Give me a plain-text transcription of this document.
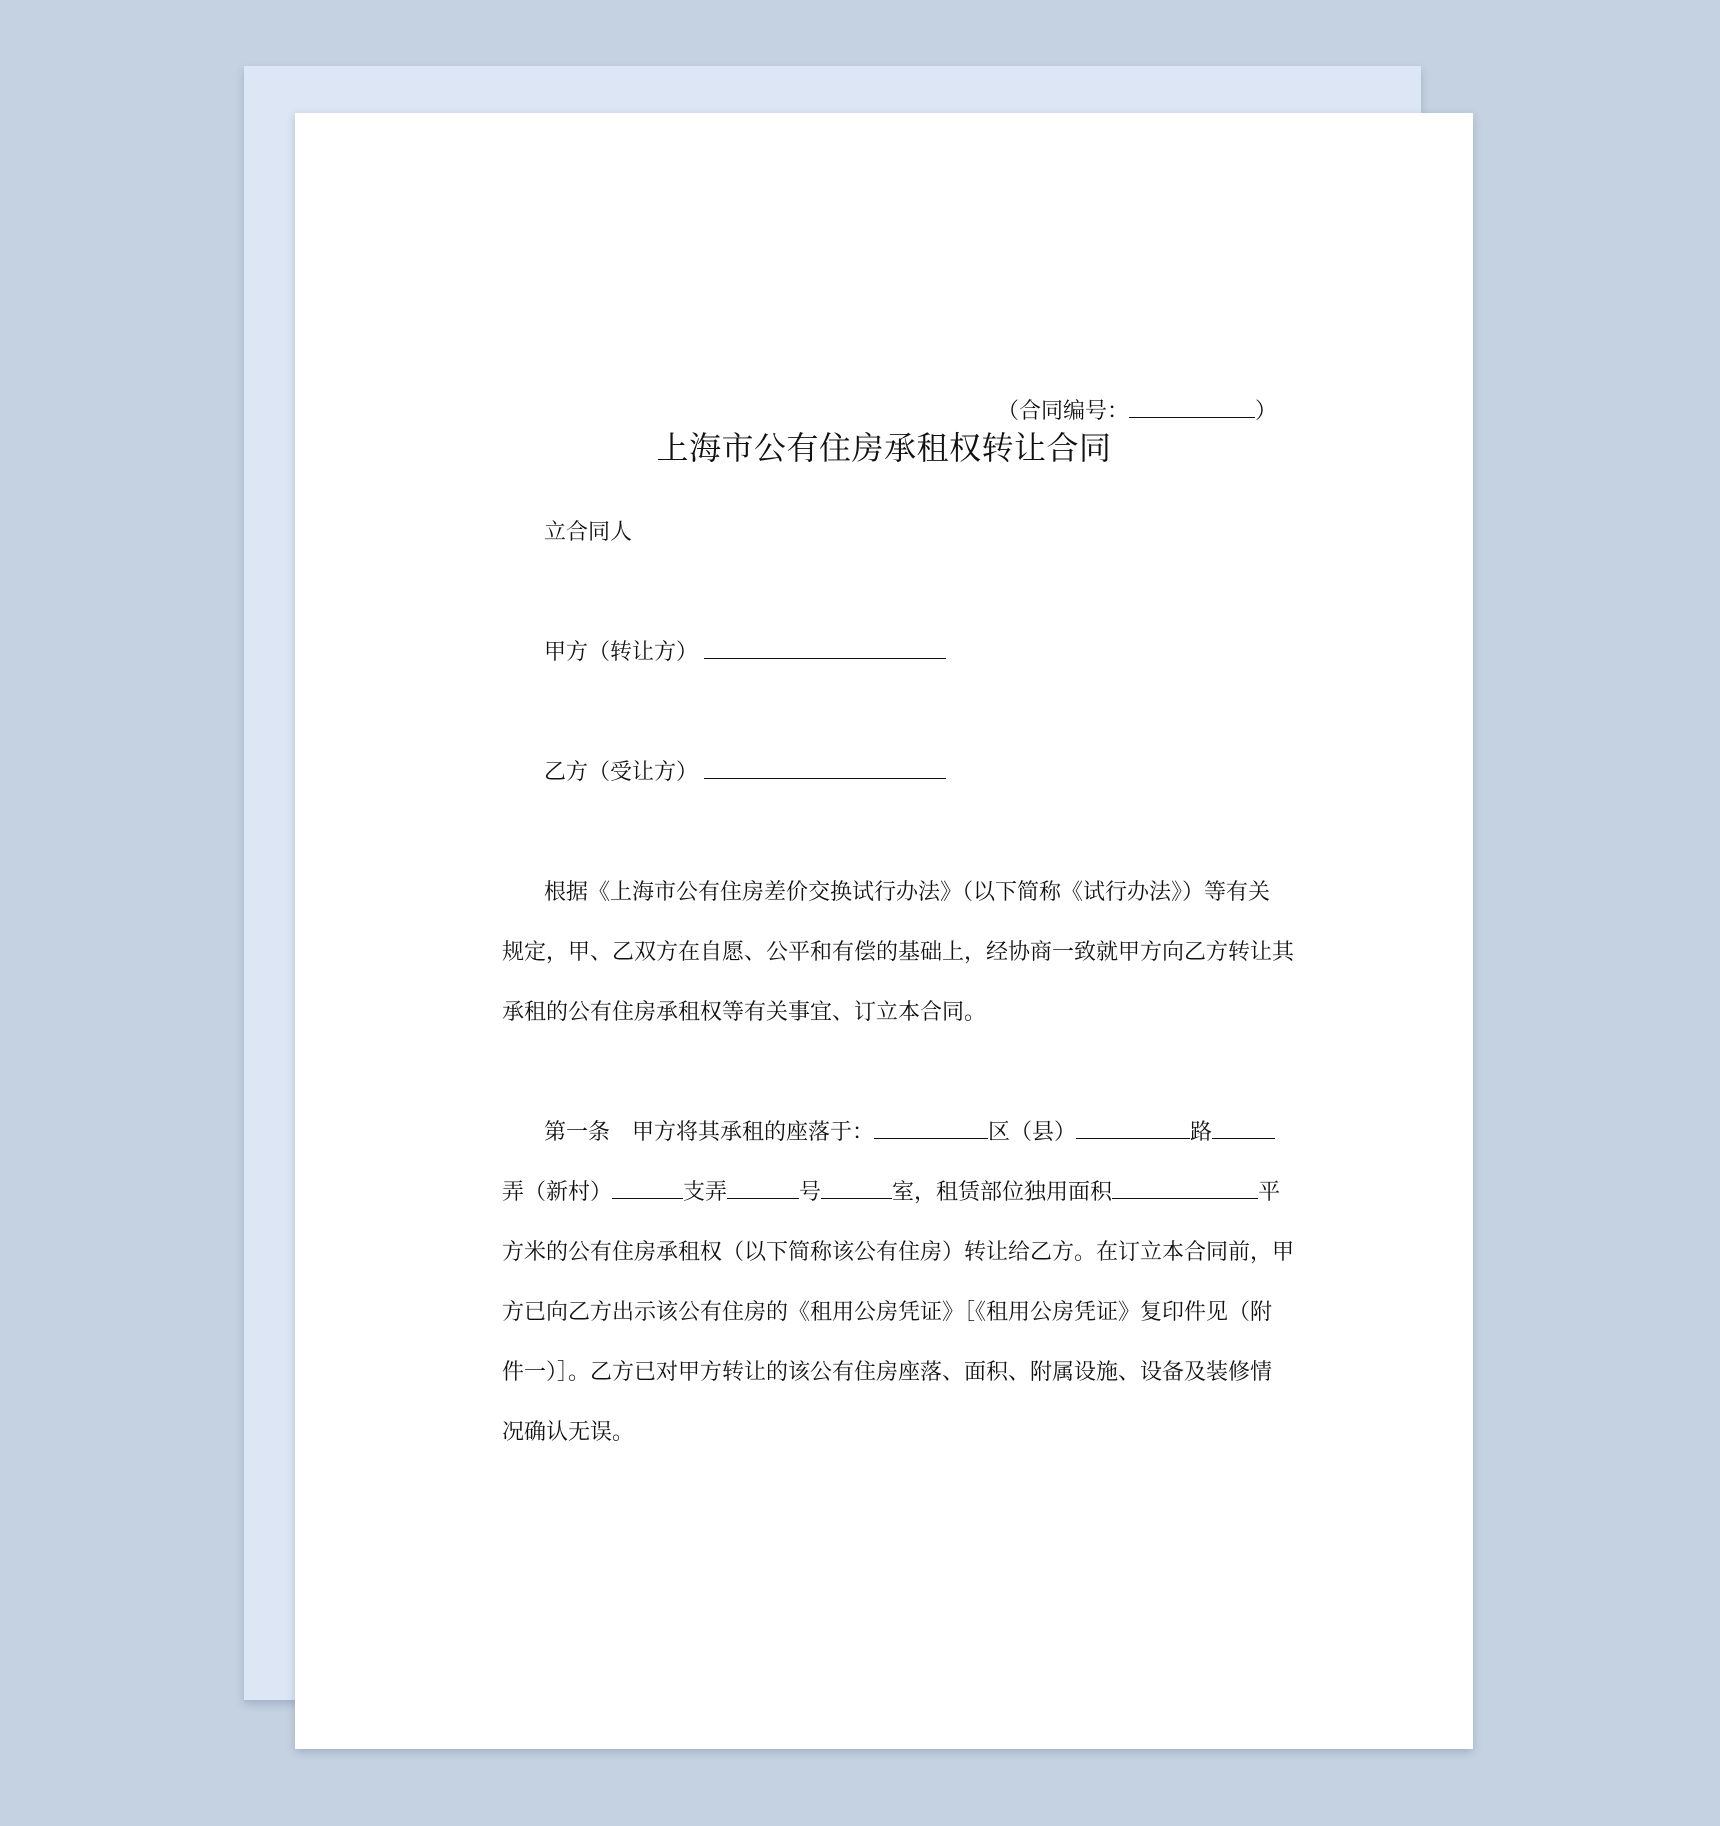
上海市公有住房承租权转让合同
（合同编号：	）
立合同人
甲方（转让方）
乙方（受让方）
根据《上海市公有住房差价交换试行办法》（以下简称《试行办法》）等有关
规定，甲、乙双方在自愿、公平和有偿的基础上，经协商一致就甲方向乙方转让其
承租的公有住房承租权等有关事宜、订立本合同。
第一条　甲方将其承租的座落于：	区（县）	路
弄（新村）	支弄	号	室，租赁部位独用面积	平
方米的公有住房承租权（以下简称该公有住房）转让给乙方。在订立本合同前，甲
方已向乙方出示该公有住房的《租用公房凭证》［《租用公房凭证》复印件见（附
件一）］。乙方已对甲方转让的该公有住房座落、面积、附属设施、设备及装修情
况确认无误。
